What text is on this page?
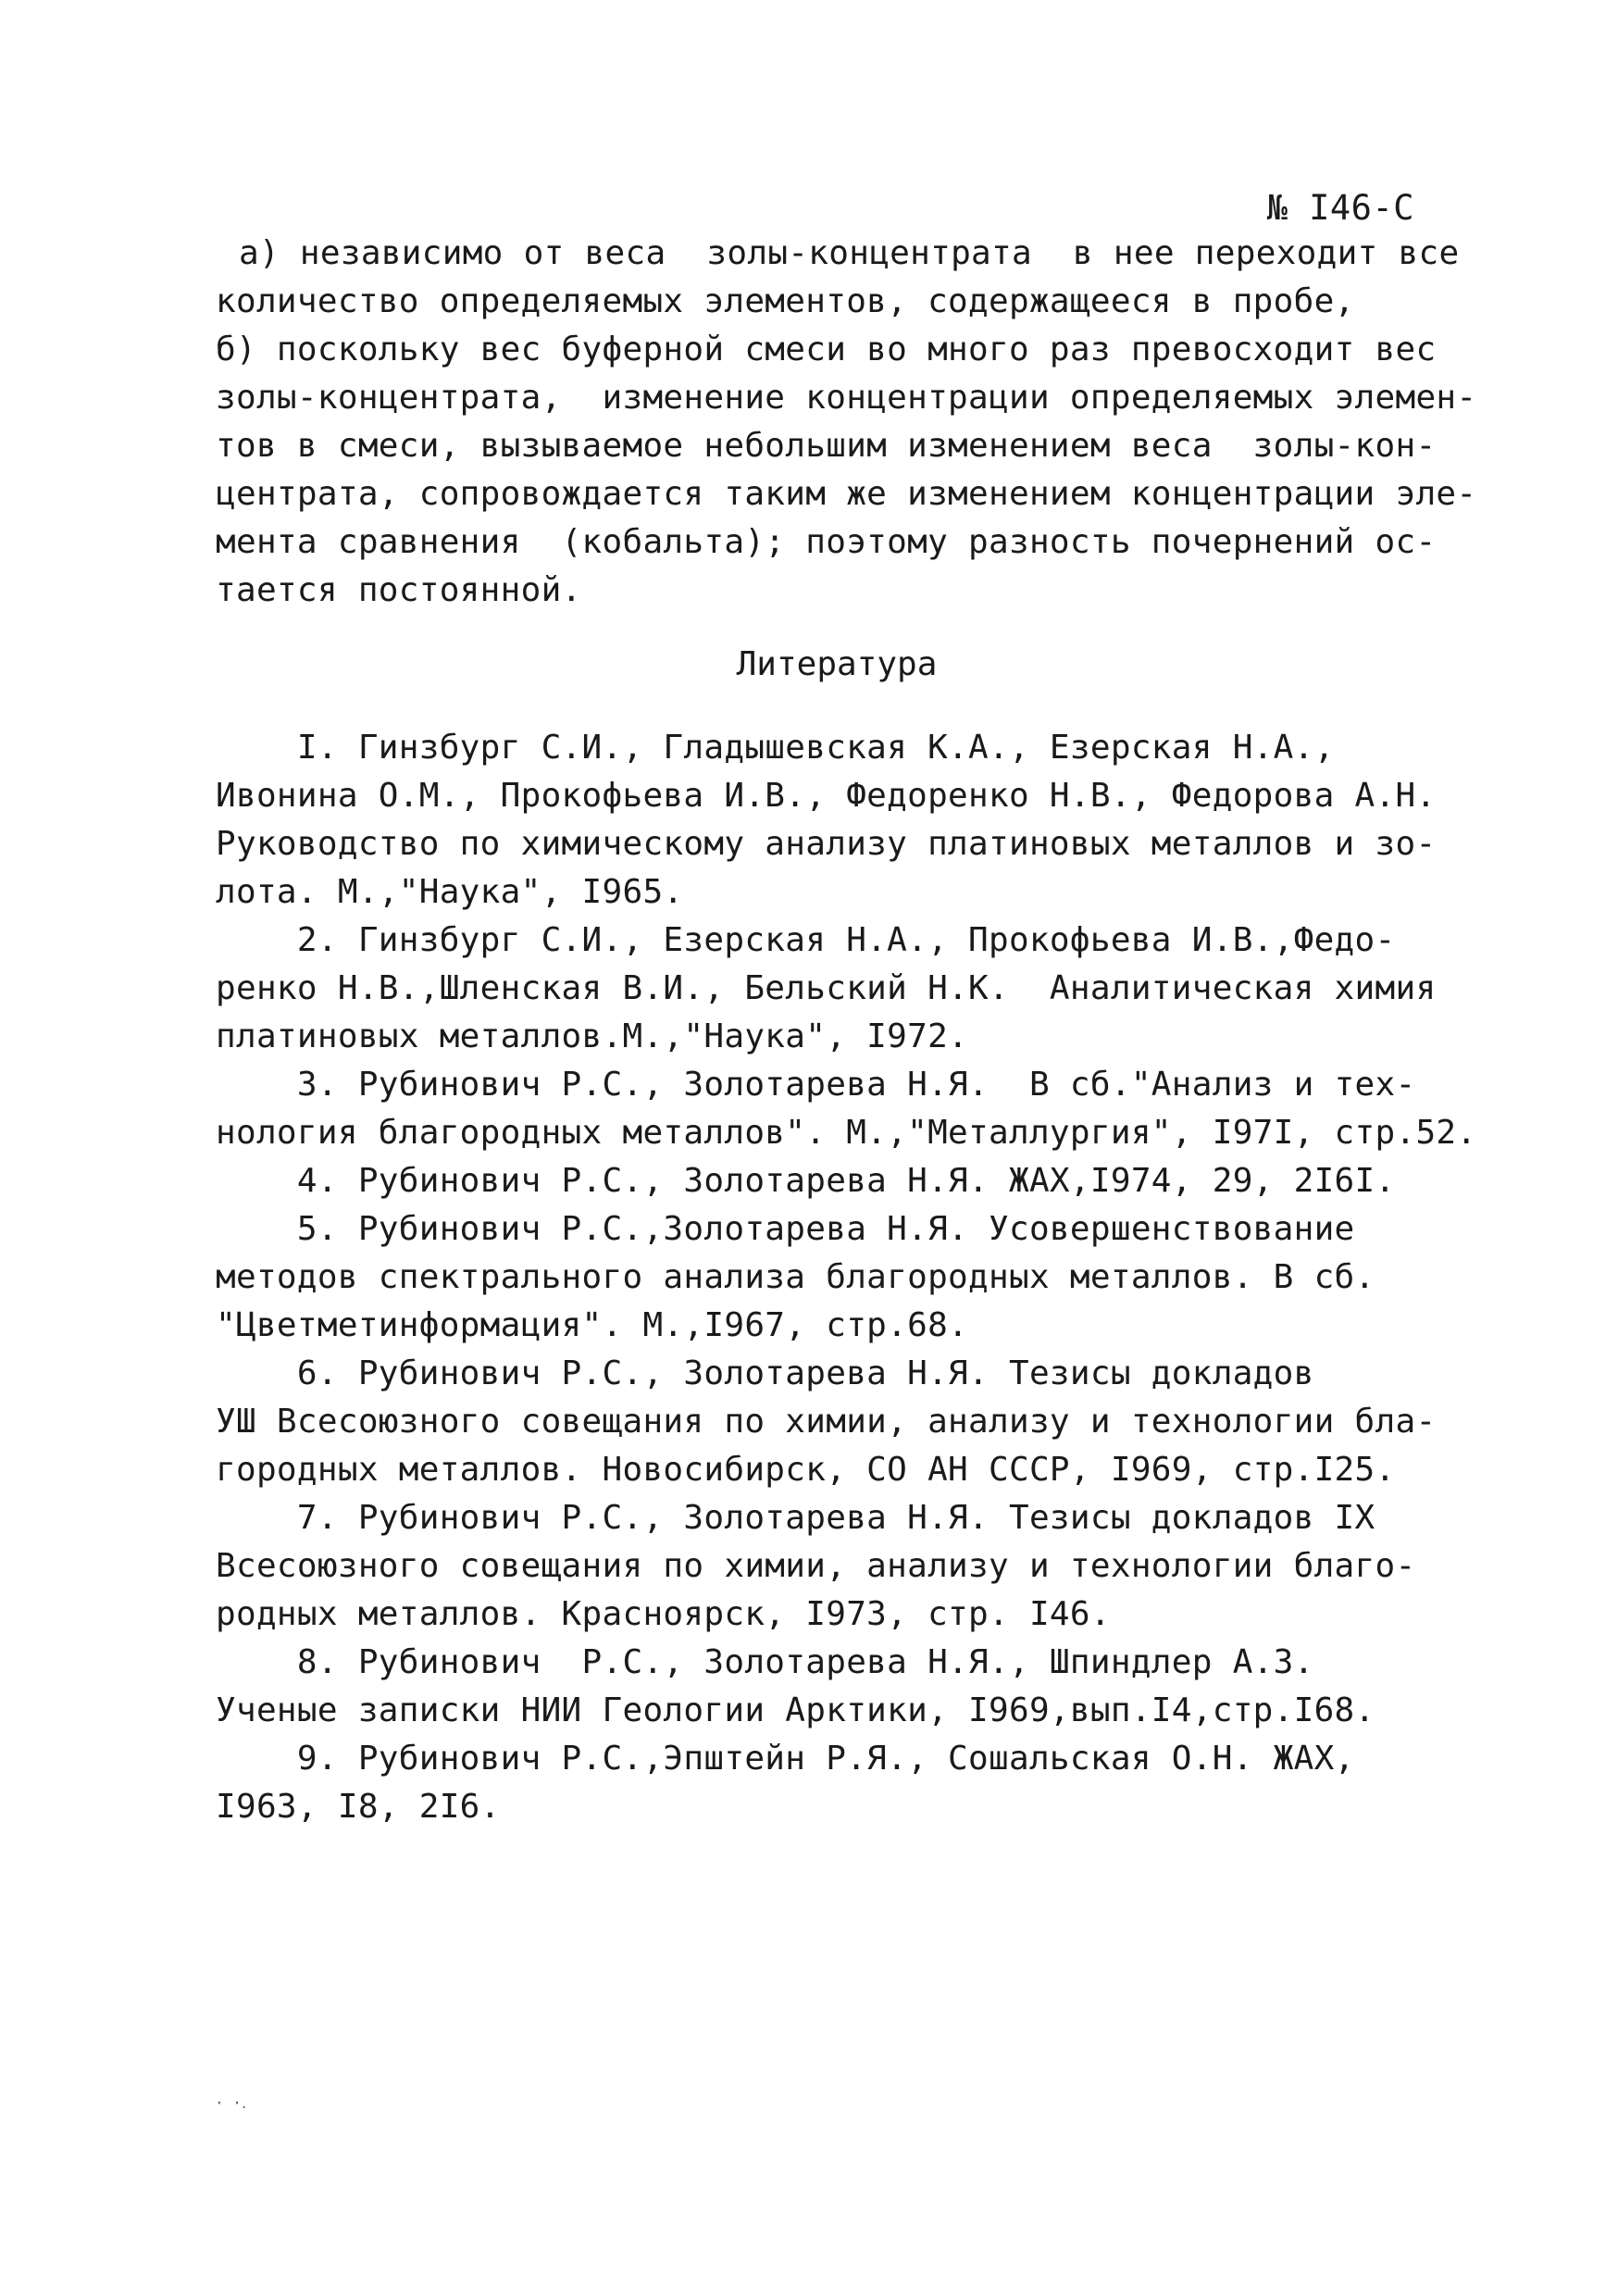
№ I46-С
а) независимо от веса  золы-концентрата  в нее переходит все
количество определяемых элементов, содержащееся в пробе,
б) поскольку вес буферной смеси во много раз превосходит вес
золы-концентрата,  изменение концентрации определяемых элемен-
тов в смеси, вызываемое небольшим изменением веса  золы-кон-
центрата, сопровождается таким же изменением концентрации эле-
мента сравнения  (кобальта); поэтому разность почернений ос-
тается постоянной.
Литература
I. Гинзбург С.И., Гладышевская К.А., Езерская Н.А.,
Ивонина О.М., Прокофьева И.В., Федоренко Н.В., Федорова А.Н.
Руководство по химическому анализу платиновых металлов и зо-
лота. М.,"Наука", I965.
2. Гинзбург С.И., Езерская Н.А., Прокофьева И.В.,Федо-
ренко Н.В.,Шленская В.И., Бельский Н.К.  Аналитическая химия
платиновых металлов.М.,"Наука", I972.
3. Рубинович Р.С., Золотарева Н.Я.  В сб."Анализ и тех-
нология благородных металлов". М.,"Металлургия", I97I, стр.52.
4. Рубинович Р.С., Золотарева Н.Я. ЖАХ,I974, 29, 2I6I.
5. Рубинович Р.С.,Золотарева Н.Я. Усовершенствование
методов спектрального анализа благородных металлов. В сб.
"Цветметинформация". М.,I967, стр.68.
6. Рубинович Р.С., Золотарева Н.Я. Тезисы докладов
УШ Всесоюзного совещания по химии, анализу и технологии бла-
городных металлов. Новосибирск, СО АН СССР, I969, стр.I25.
7. Рубинович Р.С., Золотарева Н.Я. Тезисы докладов IX
Всесоюзного совещания по химии, анализу и технологии благо-
родных металлов. Красноярск, I973, стр. I46.
8. Рубинович  Р.С., Золотарева Н.Я., Шпиндлер А.З.
Ученые записки НИИ Геологии Арктики, I969,вып.I4,стр.I68.
9. Рубинович Р.С.,Эпштейн Р.Я., Сошальская О.Н. ЖАХ,
I963, I8, 2I6.
· ·․
